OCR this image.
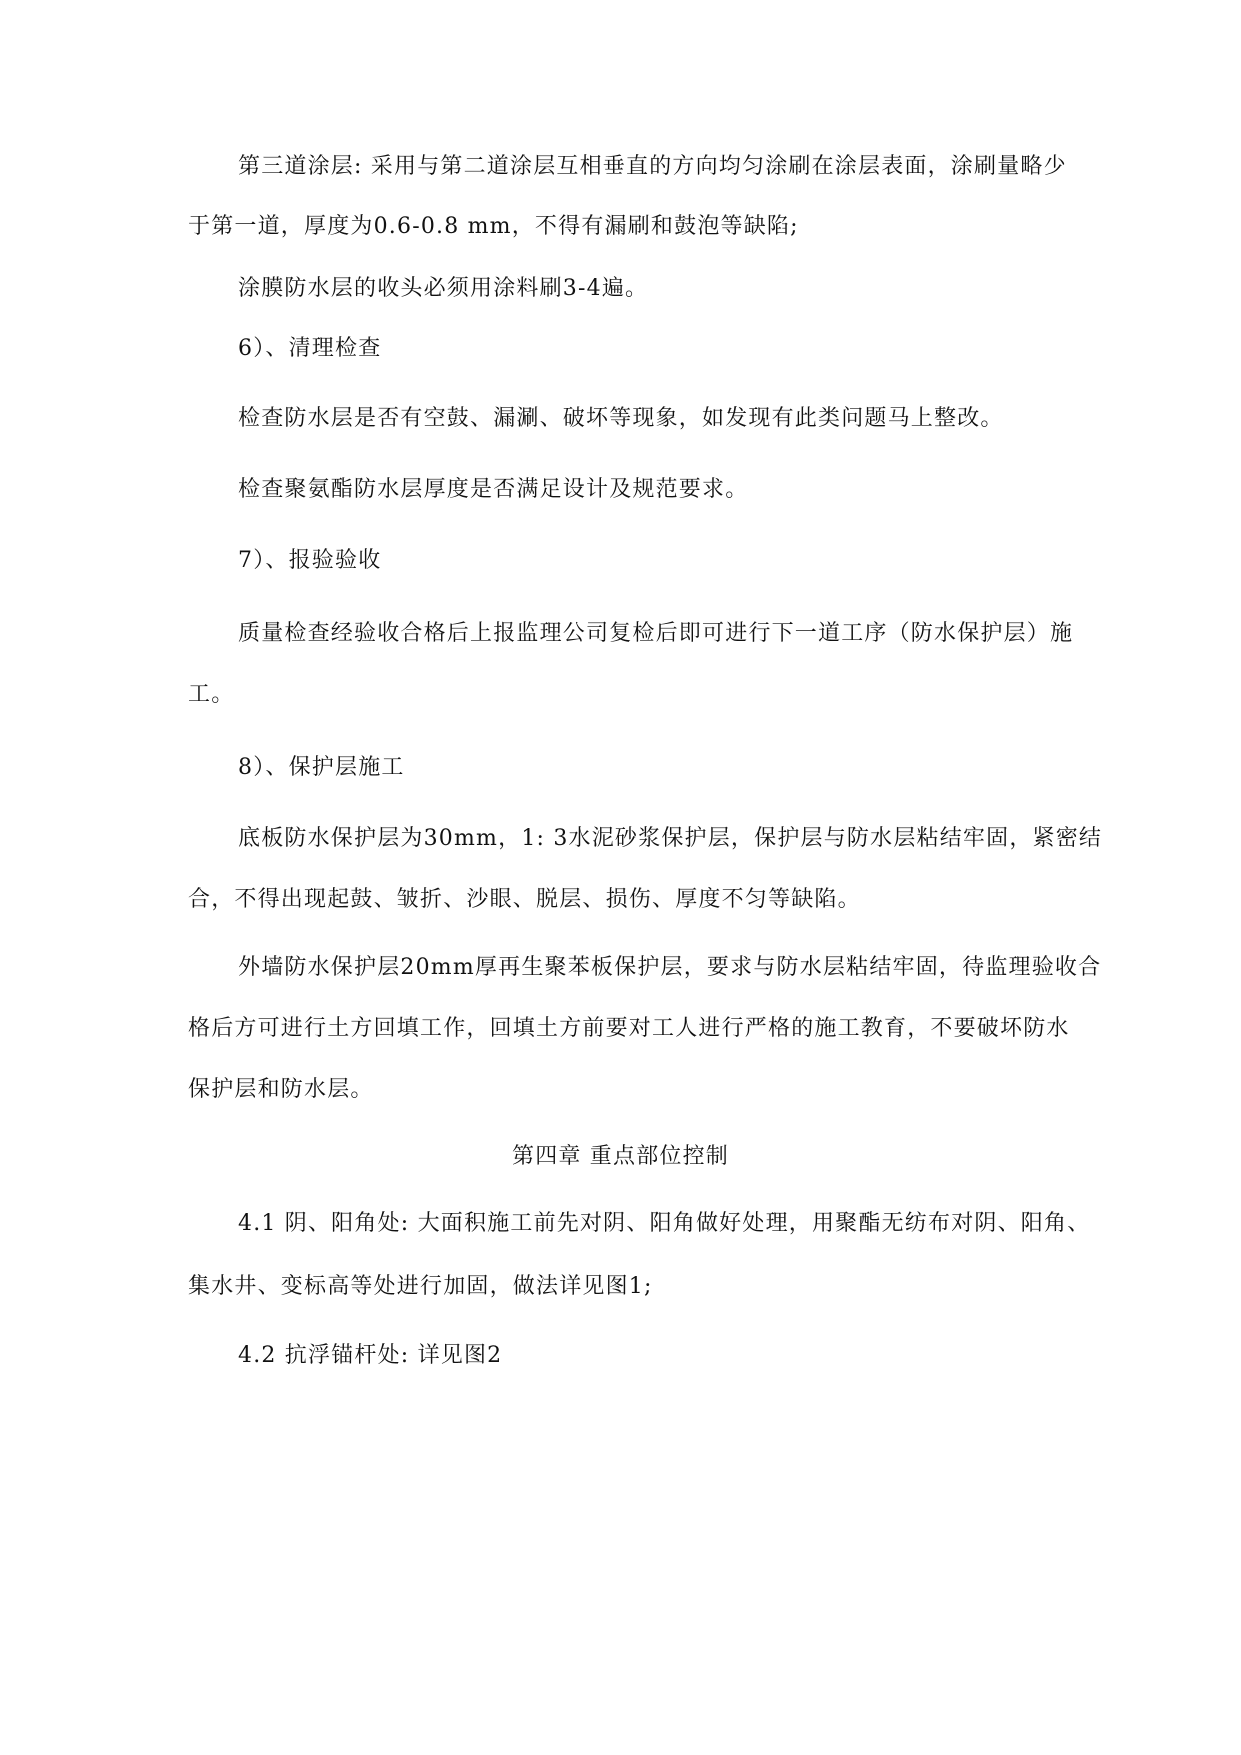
第三道涂层: 采用与第二道涂层互相垂直的方向均匀涂刷在涂层表面，涂刷量略少
于第一道，厚度为0.6-0.8 mm，不得有漏刷和鼓泡等缺陷;
涂膜防水层的收头必须用涂料刷3-4遍。
6）、清理检查
检查防水层是否有空鼓、漏涮、破坏等现象，如发现有此类问题马上整改。
检查聚氨酯防水层厚度是否满足设计及规范要求。
7）、报验验收
质量检查经验收合格后上报监理公司复检后即可进行下一道工序（防水保护层）施
工。
8）、保护层施工
底板防水保护层为30mm，1: 3水泥砂浆保护层，保护层与防水层粘结牢固，紧密结
合，不得出现起鼓、皱折、沙眼、脱层、损伤、厚度不匀等缺陷。
外墙防水保护层20mm厚再生聚苯板保护层，要求与防水层粘结牢固，待监理验收合
格后方可进行土方回填工作，回填土方前要对工人进行严格的施工教育，不要破坏防水
保护层和防水层。
第四章 重点部位控制
4.1 阴、阳角处: 大面积施工前先对阴、阳角做好处理，用聚酯无纺布对阴、阳角、
集水井、变标高等处进行加固，做法详见图1;
4.2 抗浮锚杆处: 详见图2
